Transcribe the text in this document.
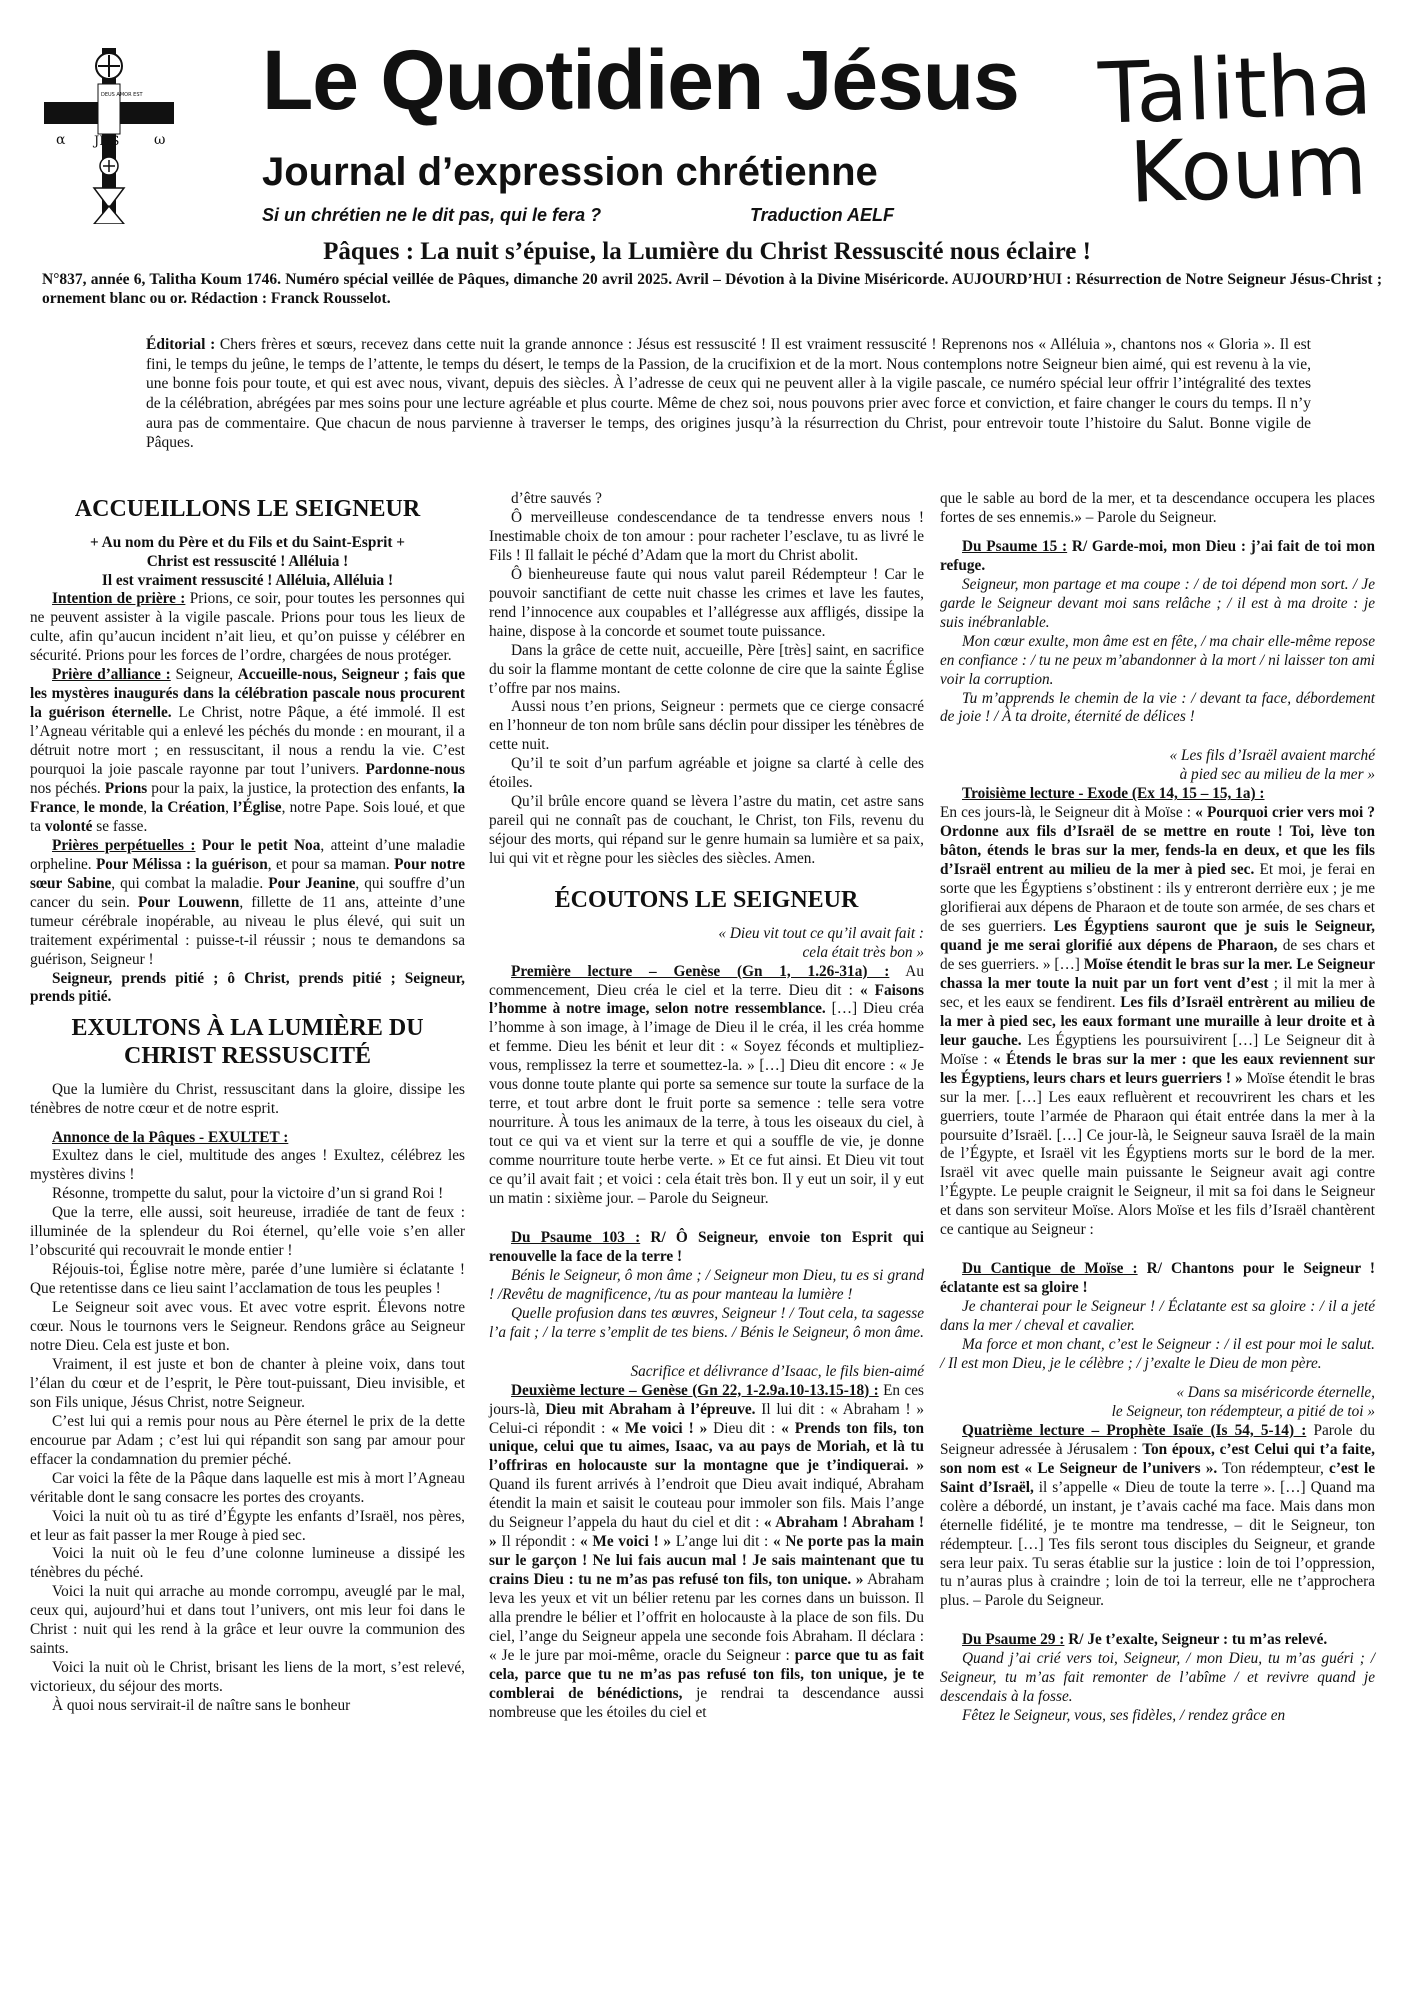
α	ω
JHS
DEUS AMOR EST Le Quotidien Jésus
Journal d’expression chrétienne
Si un chrétien ne le dit pas, qui le fera ?	Traduction AELF
Talitha
Koum
Pâques : La nuit s’épuise, la Lumière du Christ Ressuscité nous éclaire !
N°837, année 6, Talitha Koum 1746. Numéro spécial veillée de Pâques, dimanche 20 avril 2025. Avril – Dévotion à la Divine Miséricorde. AUJOURD’HUI : Résurrection de Notre Seigneur Jésus-Christ ; ornement blanc ou or. Rédaction : Franck Rousselot.
Éditorial : Chers frères et sœurs, recevez dans cette nuit la grande annonce : Jésus est ressuscité ! Il est vraiment ressuscité ! Reprenons nos « Alléluia », chantons nos « Gloria ». Il est fini, le temps du jeûne, le temps de l’attente, le temps du désert, le temps de la Passion, de la crucifixion et de la mort. Nous contemplons notre Seigneur bien aimé, qui est revenu à la vie, une bonne fois pour toute, et qui est avec nous, vivant, depuis des siècles. À l’adresse de ceux qui ne peuvent aller à la vigile pascale, ce numéro spécial leur offrir l’intégralité des textes de la célébration, abrégées par mes soins pour une lecture agréable et plus courte. Même de chez soi, nous pouvons prier avec force et conviction, et faire changer le cours du temps. Il n’y aura pas de commentaire. Que chacun de nous parvienne à traverser le temps, des origines jusqu’à la résurrection du Christ, pour entrevoir toute l’histoire du Salut. Bonne vigile de Pâques.
ACCUEILLONS LE SEIGNEUR
+ Au nom du Père et du Fils et du Saint-Esprit +
Christ est ressuscité ! Alléluia !
Il est vraiment ressuscité ! Alléluia, Alléluia !

Intention de prière : Prions, ce soir, pour toutes les personnes qui ne peuvent assister à la vigile pascale. Prions pour tous les lieux de culte, afin qu’aucun incident n’ait lieu, et qu’on puisse y célébrer en sécurité. Prions pour les forces de l’ordre, chargées de nous protéger.

Prière d’alliance : Seigneur, Accueille-nous, Seigneur ; fais que les mystères inaugurés dans la célébration pascale nous procurent la guérison éternelle. Le Christ, notre Pâque, a été immolé. Il est l’Agneau véritable qui a enlevé les péchés du monde : en mourant, il a détruit notre mort ; en ressuscitant, il nous a rendu la vie. C’est pourquoi la joie pascale rayonne par tout l’univers. Pardonne-nous nos péchés. Prions pour la paix, la justice, la protection des enfants, la France, le monde, la Création, l’Église, notre Pape. Sois loué, et que ta volonté se fasse.

Prières perpétuelles : Pour le petit Noa, atteint d’une maladie orpheline. Pour Mélissa : la guérison, et pour sa maman. Pour notre sœur Sabine, qui combat la maladie. Pour Jeanine, qui souffre d’un cancer du sein. Pour Louwenn, fillette de 11 ans, atteinte d’une tumeur cérébrale inopérable, au niveau le plus élevé, qui suit un traitement expérimental : puisse-t-il réussir ; nous te demandons sa guérison, Seigneur !

Seigneur, prends pitié ; ô Christ, prends pitié ; Seigneur, prends pitié.

EXULTONS À LA LUMIÈRE DU CHRIST RESSUSCITÉ

Que la lumière du Christ, ressuscitant dans la gloire, dissipe les ténèbres de notre cœur et de notre esprit.

Annonce de la Pâques - EXULTET :

Exultez dans le ciel, multitude des anges ! Exultez, célébrez les mystères divins !

Résonne, trompette du salut, pour la victoire d’un si grand Roi !

Que la terre, elle aussi, soit heureuse, irradiée de tant de feux : illuminée de la splendeur du Roi éternel, qu’elle voie s’en aller l’obscurité qui recouvrait le monde entier !

Réjouis-toi, Église notre mère, parée d’une lumière si éclatante ! Que retentisse dans ce lieu saint l’acclamation de tous les peuples !

Le Seigneur soit avec vous. Et avec votre esprit. Élevons notre cœur. Nous le tournons vers le Seigneur. Rendons grâce au Seigneur notre Dieu. Cela est juste et bon.

Vraiment, il est juste et bon de chanter à pleine voix, dans tout l’élan du cœur et de l’esprit, le Père tout-puissant, Dieu invisible, et son Fils unique, Jésus Christ, notre Seigneur.

C’est lui qui a remis pour nous au Père éternel le prix de la dette encourue par Adam ; c’est lui qui répandit son sang par amour pour effacer la condamnation du premier péché.

Car voici la fête de la Pâque dans laquelle est mis à mort l’Agneau véritable dont le sang consacre les portes des croyants.

Voici la nuit où tu as tiré d’Égypte les enfants d’Israël, nos pères, et leur as fait passer la mer Rouge à pied sec.

Voici la nuit où le feu d’une colonne lumineuse a dissipé les ténèbres du péché.

Voici la nuit qui arrache au monde corrompu, aveuglé par le mal, ceux qui, aujourd’hui et dans tout l’univers, ont mis leur foi dans le Christ : nuit qui les rend à la grâce et leur ouvre la communion des saints.

Voici la nuit où le Christ, brisant les liens de la mort, s’est relevé, victorieux, du séjour des morts.

À quoi nous servirait-il de naître sans le bonheur

d’être sauvés ?

Ô merveilleuse condescendance de ta tendresse envers nous ! Inestimable choix de ton amour : pour racheter l’esclave, tu as livré le Fils ! Il fallait le péché d’Adam que la mort du Christ abolit.

Ô bienheureuse faute qui nous valut pareil Rédempteur ! Car le pouvoir sanctifiant de cette nuit chasse les crimes et lave les fautes, rend l’innocence aux coupables et l’allégresse aux affligés, dissipe la haine, dispose à la concorde et soumet toute puissance.

Dans la grâce de cette nuit, accueille, Père [très] saint, en sacrifice du soir la flamme montant de cette colonne de cire que la sainte Église t’offre par nos mains.

Aussi nous t’en prions, Seigneur : permets que ce cierge consacré en l’honneur de ton nom brûle sans déclin pour dissiper les ténèbres de cette nuit.

Qu’il te soit d’un parfum agréable et joigne sa clarté à celle des étoiles.

Qu’il brûle encore quand se lèvera l’astre du matin, cet astre sans pareil qui ne connaît pas de couchant, le Christ, ton Fils, revenu du séjour des morts, qui répand sur le genre humain sa lumière et sa paix, lui qui vit et règne pour les siècles des siècles. Amen.

ÉCOUTONS LE SEIGNEUR
« Dieu vit tout ce qu’il avait fait :
cela était très bon »

Première lecture – Genèse (Gn 1, 1.26-31a) : Au commencement, Dieu créa le ciel et la terre. Dieu dit : « Faisons l’homme à notre image, selon notre ressemblance. […] Dieu créa l’homme à son image, à l’image de Dieu il le créa, il les créa homme et femme. Dieu les bénit et leur dit : « Soyez féconds et multipliez-vous, remplissez la terre et soumettez-la. » […] Dieu dit encore : « Je vous donne toute plante qui porte sa semence sur toute la surface de la terre, et tout arbre dont le fruit porte sa semence : telle sera votre nourriture. À tous les animaux de la terre, à tous les oiseaux du ciel, à tout ce qui va et vient sur la terre et qui a souffle de vie, je donne comme nourriture toute herbe verte. » Et ce fut ainsi. Et Dieu vit tout ce qu’il avait fait ; et voici : cela était très bon. Il y eut un soir, il y eut un matin : sixième jour. – Parole du Seigneur.

Du Psaume 103 : R/ Ô Seigneur, envoie ton Esprit qui renouvelle la face de la terre !

Bénis le Seigneur, ô mon âme ; / Seigneur mon Dieu, tu es si grand ! /Revêtu de magnificence, /tu as pour manteau la lumière !

Quelle profusion dans tes œuvres, Seigneur ! / Tout cela, ta sagesse l’a fait ; / la terre s’emplit de tes biens. / Bénis le Seigneur, ô mon âme.

Sacrifice et délivrance d’Isaac, le fils bien-aimé

Deuxième lecture – Genèse (Gn 22, 1-2.9a.10-13.15-18) : En ces jours-là, Dieu mit Abraham à l’épreuve. Il lui dit : « Abraham ! » Celui-ci répondit : « Me voici ! » Dieu dit : « Prends ton fils, ton unique, celui que tu aimes, Isaac, va au pays de Moriah, et là tu l’offriras en holocauste sur la montagne que je t’indiquerai. » Quand ils furent arrivés à l’endroit que Dieu avait indiqué, Abraham étendit la main et saisit le couteau pour immoler son fils. Mais l’ange du Seigneur l’appela du haut du ciel et dit : « Abraham ! Abraham ! » Il répondit : « Me voici ! » L’ange lui dit : « Ne porte pas la main sur le garçon ! Ne lui fais aucun mal ! Je sais maintenant que tu crains Dieu : tu ne m’as pas refusé ton fils, ton unique. » Abraham leva les yeux et vit un bélier retenu par les cornes dans un buisson. Il alla prendre le bélier et l’offrit en holocauste à la place de son fils. Du ciel, l’ange du Seigneur appela une seconde fois Abraham. Il déclara : « Je le jure par moi-même, oracle du Seigneur : parce que tu as fait cela, parce que tu ne m’as pas refusé ton fils, ton unique, je te comblerai de bénédictions, je rendrai ta descendance aussi nombreuse que les étoiles du ciel et

que le sable au bord de la mer, et ta descendance occupera les places fortes de ses ennemis.» – Parole du Seigneur.

Du Psaume 15 : R/ Garde-moi, mon Dieu : j’ai fait de toi mon refuge.

Seigneur, mon partage et ma coupe : / de toi dépend mon sort. / Je garde le Seigneur devant moi sans relâche ; / il est à ma droite : je suis inébranlable.

Mon cœur exulte, mon âme est en fête, / ma chair elle-même repose en confiance : / tu ne peux m’abandonner à la mort / ni laisser ton ami voir la corruption.

Tu m’apprends le chemin de la vie : / devant ta face, débordement de joie ! / À ta droite, éternité de délices !

« Les fils d’Israël avaient marché
à pied sec au milieu de la mer »

Troisième lecture - Exode (Ex 14, 15 – 15, 1a) :

En ces jours-là, le Seigneur dit à Moïse : « Pourquoi crier vers moi ? Ordonne aux fils d’Israël de se mettre en route ! Toi, lève ton bâton, étends le bras sur la mer, fends-la en deux, et que les fils d’Israël entrent au milieu de la mer à pied sec. Et moi, je ferai en sorte que les Égyptiens s’obstinent : ils y entreront derrière eux ; je me glorifierai aux dépens de Pharaon et de toute son armée, de ses chars et de ses guerriers. Les Égyptiens sauront que je suis le Seigneur, quand je me serai glorifié aux dépens de Pharaon, de ses chars et de ses guerriers. » […] Moïse étendit le bras sur la mer. Le Seigneur chassa la mer toute la nuit par un fort vent d’est ; il mit la mer à sec, et les eaux se fendirent. Les fils d’Israël entrèrent au milieu de la mer à pied sec, les eaux formant une muraille à leur droite et à leur gauche. Les Égyptiens les poursuivirent […] Le Seigneur dit à Moïse : « Étends le bras sur la mer : que les eaux reviennent sur les Égyptiens, leurs chars et leurs guerriers ! » Moïse étendit le bras sur la mer. […] Les eaux refluèrent et recouvrirent les chars et les guerriers, toute l’armée de Pharaon qui était entrée dans la mer à la poursuite d’Israël. […] Ce jour-là, le Seigneur sauva Israël de la main de l’Égypte, et Israël vit les Égyptiens morts sur le bord de la mer. Israël vit avec quelle main puissante le Seigneur avait agi contre l’Égypte. Le peuple craignit le Seigneur, il mit sa foi dans le Seigneur et dans son serviteur Moïse. Alors Moïse et les fils d’Israël chantèrent ce cantique au Seigneur :

Du Cantique de Moïse : R/ Chantons pour le Seigneur ! éclatante est sa gloire !

Je chanterai pour le Seigneur ! / Éclatante est sa gloire : / il a jeté dans la mer / cheval et cavalier.

Ma force et mon chant, c’est le Seigneur : / il est pour moi le salut. / Il est mon Dieu, je le célèbre ; / j’exalte le Dieu de mon père.

« Dans sa miséricorde éternelle,
le Seigneur, ton rédempteur, a pitié de toi »

Quatrième lecture – Prophète Isaïe (Is 54, 5-14) : Parole du Seigneur adressée à Jérusalem : Ton époux, c’est Celui qui t’a faite, son nom est « Le Seigneur de l’univers ». Ton rédempteur, c’est le Saint d’Israël, il s’appelle « Dieu de toute la terre ». […] Quand ma colère a débordé, un instant, je t’avais caché ma face. Mais dans mon éternelle fidélité, je te montre ma tendresse, – dit le Seigneur, ton rédempteur. […] Tes fils seront tous disciples du Seigneur, et grande sera leur paix. Tu seras établie sur la justice : loin de toi l’oppression, tu n’auras plus à craindre ; loin de toi la terreur, elle ne t’approchera plus. – Parole du Seigneur.

Du Psaume 29 : R/ Je t’exalte, Seigneur : tu m’as relevé.

Quand j’ai crié vers toi, Seigneur, / mon Dieu, tu m’as guéri ; / Seigneur, tu m’as fait remonter de l’abîme / et revivre quand je descendais à la fosse.

Fêtez le Seigneur, vous, ses fidèles, / rendez grâce en
